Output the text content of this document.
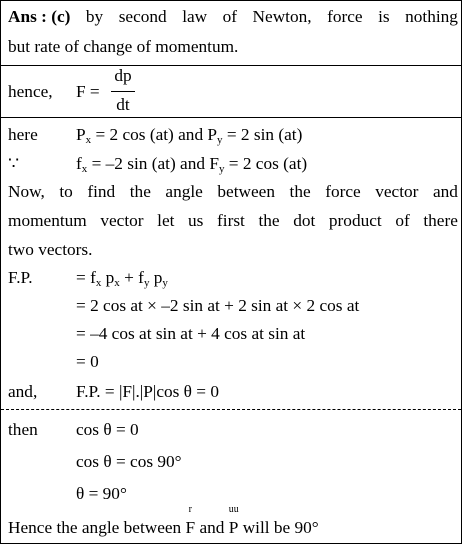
Ans : (c) by second law of Newton, force is nothing
but rate of change of momentum.
hence, F =
dp
dt
here $P_x = 2$ cos (at) and $P_y = 2$ sin (at)
∵	$f_x = -2$ sin (at) and $F_y = 2$ cos (at)
Now, to find the angle between the force vector and
momentum vector let us first the dot product of there
two vectors.
F.P.	= $f_x$ $p_x + f_y$ $p_y$
= 2 cos at × –2 sin at + 2 sin at × 2 cos at
= –4 cos at sin at + 4 cos at sin at
= 0
and, F.P. = |F|.|P|cos θ = 0
then cos θ = 0
cos θ = cos 90°
θ = 90°
Hence the angle between
r
F and
uu
P will be 90°
